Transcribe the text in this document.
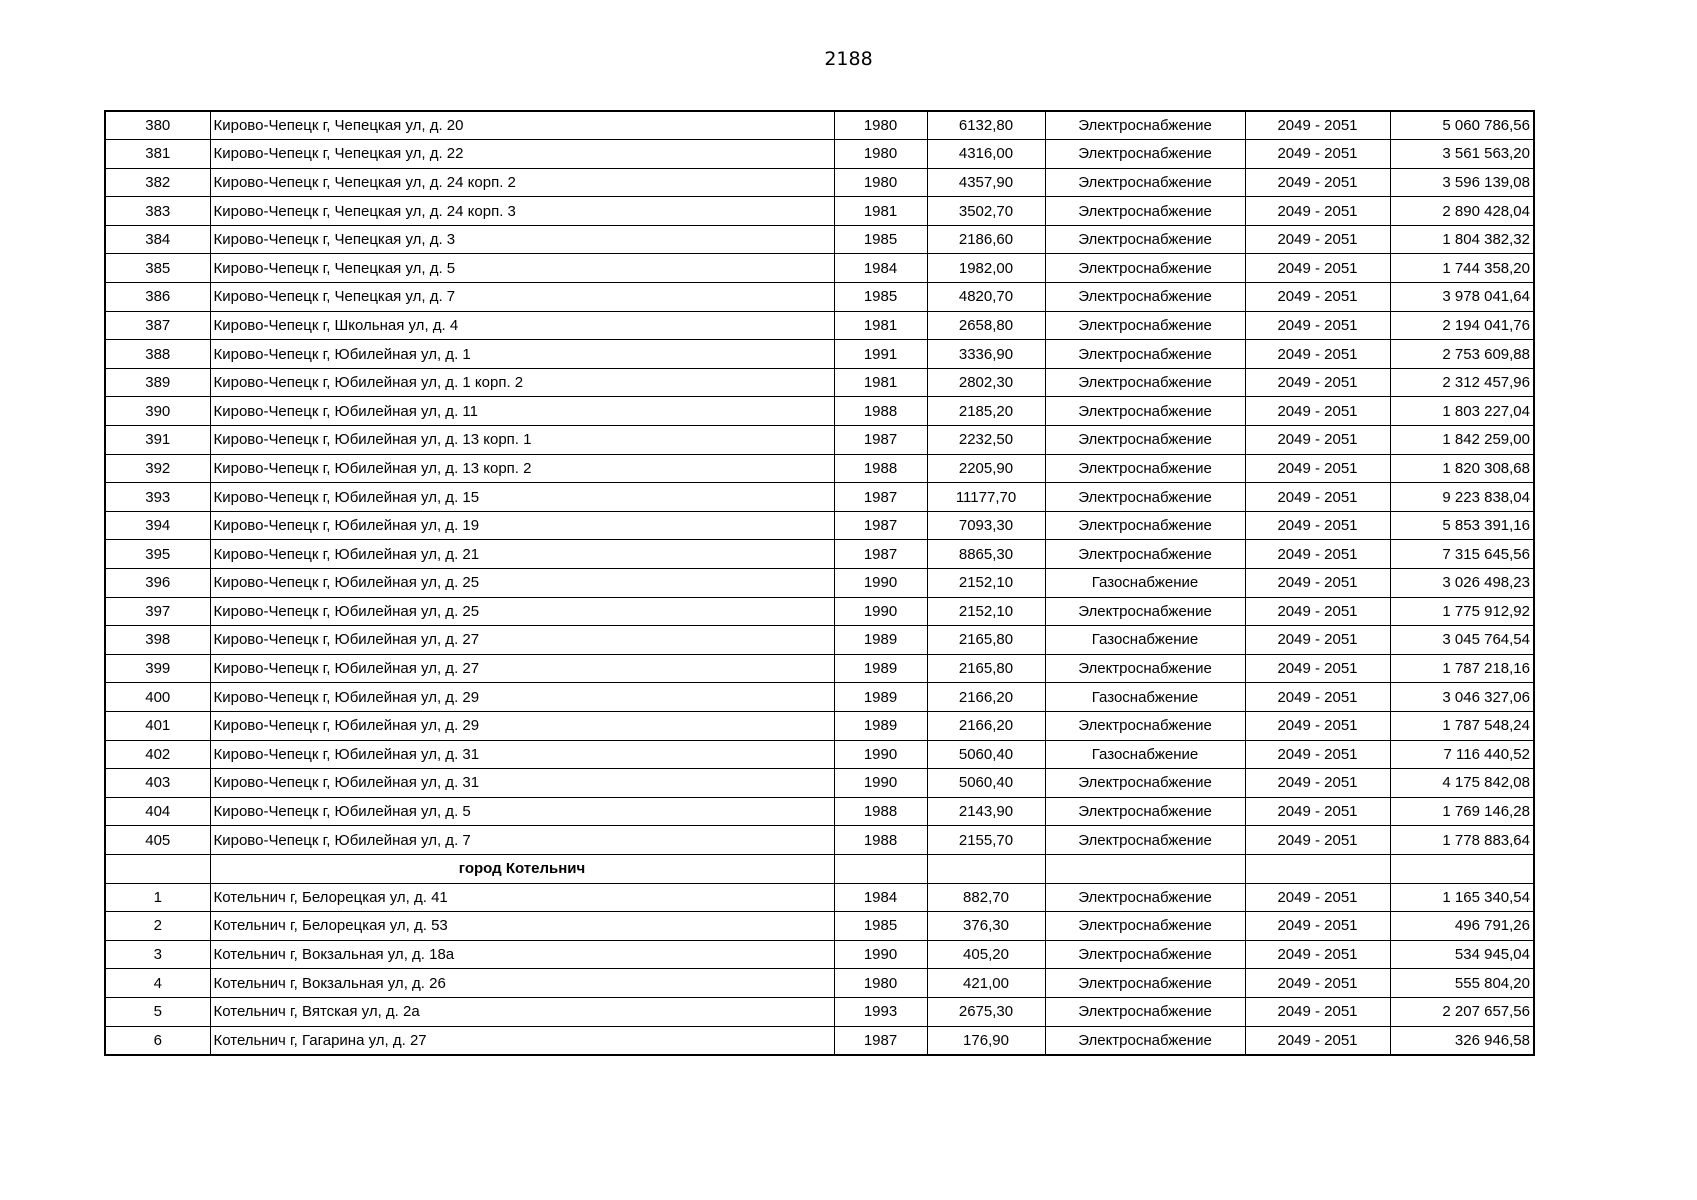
2188
380	Кирово-Чепецк г, Чепецкая ул, д. 20	1980	6132,80	Электроснабжение	2049 - 2051	5 060 786,56
381	Кирово-Чепецк г, Чепецкая ул, д. 22	1980	4316,00	Электроснабжение	2049 - 2051	3 561 563,20
382	Кирово-Чепецк г, Чепецкая ул, д. 24 корп. 2	1980	4357,90	Электроснабжение	2049 - 2051	3 596 139,08
383	Кирово-Чепецк г, Чепецкая ул, д. 24 корп. 3	1981	3502,70	Электроснабжение	2049 - 2051	2 890 428,04
384	Кирово-Чепецк г, Чепецкая ул, д. 3	1985	2186,60	Электроснабжение	2049 - 2051	1 804 382,32
385	Кирово-Чепецк г, Чепецкая ул, д. 5	1984	1982,00	Электроснабжение	2049 - 2051	1 744 358,20
386	Кирово-Чепецк г, Чепецкая ул, д. 7	1985	4820,70	Электроснабжение	2049 - 2051	3 978 041,64
387	Кирово-Чепецк г, Школьная ул, д. 4	1981	2658,80	Электроснабжение	2049 - 2051	2 194 041,76
388	Кирово-Чепецк г, Юбилейная ул, д. 1	1991	3336,90	Электроснабжение	2049 - 2051	2 753 609,88
389	Кирово-Чепецк г, Юбилейная ул, д. 1 корп. 2	1981	2802,30	Электроснабжение	2049 - 2051	2 312 457,96
390	Кирово-Чепецк г, Юбилейная ул, д. 11	1988	2185,20	Электроснабжение	2049 - 2051	1 803 227,04
391	Кирово-Чепецк г, Юбилейная ул, д. 13 корп. 1	1987	2232,50	Электроснабжение	2049 - 2051	1 842 259,00
392	Кирово-Чепецк г, Юбилейная ул, д. 13 корп. 2	1988	2205,90	Электроснабжение	2049 - 2051	1 820 308,68
393	Кирово-Чепецк г, Юбилейная ул, д. 15	1987	11177,70	Электроснабжение	2049 - 2051	9 223 838,04
394	Кирово-Чепецк г, Юбилейная ул, д. 19	1987	7093,30	Электроснабжение	2049 - 2051	5 853 391,16
395	Кирово-Чепецк г, Юбилейная ул, д. 21	1987	8865,30	Электроснабжение	2049 - 2051	7 315 645,56
396	Кирово-Чепецк г, Юбилейная ул, д. 25	1990	2152,10	Газоснабжение	2049 - 2051	3 026 498,23
397	Кирово-Чепецк г, Юбилейная ул, д. 25	1990	2152,10	Электроснабжение	2049 - 2051	1 775 912,92
398	Кирово-Чепецк г, Юбилейная ул, д. 27	1989	2165,80	Газоснабжение	2049 - 2051	3 045 764,54
399	Кирово-Чепецк г, Юбилейная ул, д. 27	1989	2165,80	Электроснабжение	2049 - 2051	1 787 218,16
400	Кирово-Чепецк г, Юбилейная ул, д. 29	1989	2166,20	Газоснабжение	2049 - 2051	3 046 327,06
401	Кирово-Чепецк г, Юбилейная ул, д. 29	1989	2166,20	Электроснабжение	2049 - 2051	1 787 548,24
402	Кирово-Чепецк г, Юбилейная ул, д. 31	1990	5060,40	Газоснабжение	2049 - 2051	7 116 440,52
403	Кирово-Чепецк г, Юбилейная ул, д. 31	1990	5060,40	Электроснабжение	2049 - 2051	4 175 842,08
404	Кирово-Чепецк г, Юбилейная ул, д. 5	1988	2143,90	Электроснабжение	2049 - 2051	1 769 146,28
405	Кирово-Чепецк г, Юбилейная ул, д. 7	1988	2155,70	Электроснабжение	2049 - 2051	1 778 883,64
	город Котельнич					
1	Котельнич г, Белорецкая ул, д. 41	1984	882,70	Электроснабжение	2049 - 2051	1 165 340,54
2	Котельнич г, Белорецкая ул, д. 53	1985	376,30	Электроснабжение	2049 - 2051	496 791,26
3	Котельнич г, Вокзальная ул, д. 18а	1990	405,20	Электроснабжение	2049 - 2051	534 945,04
4	Котельнич г, Вокзальная ул, д. 26	1980	421,00	Электроснабжение	2049 - 2051	555 804,20
5	Котельнич г, Вятская ул, д. 2а	1993	2675,30	Электроснабжение	2049 - 2051	2 207 657,56
6	Котельнич г, Гагарина ул, д. 27	1987	176,90	Электроснабжение	2049 - 2051	326 946,58
